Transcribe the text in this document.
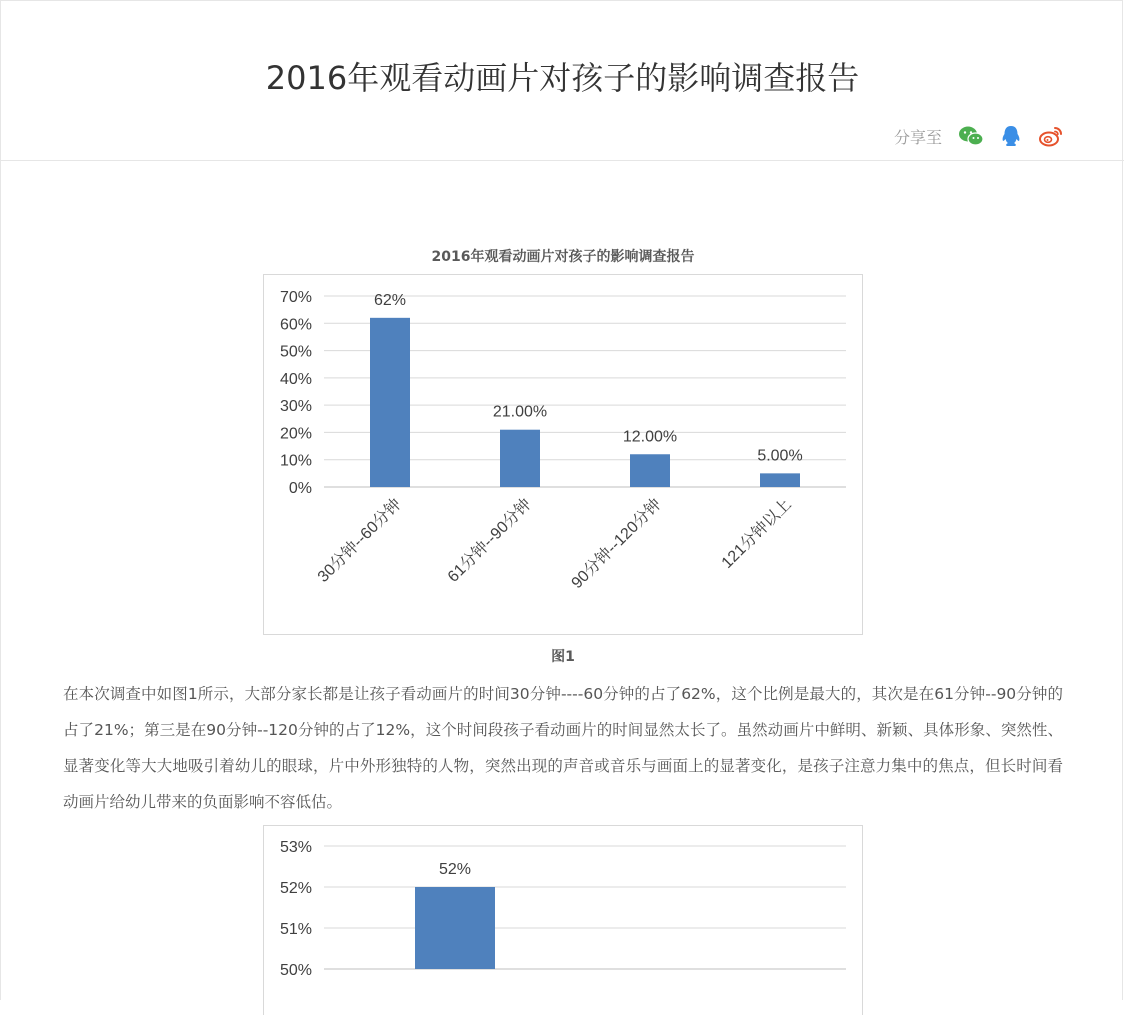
2016年观看动画片对孩子的影响调查报告
分享至
2016年观看动画片对孩子的影响调查报告
0%
10%
20%
30%
40%
50%
60%
70%	62%
30分钟--60分钟
21.00%
61分钟--90分钟
12.00%
90分钟--120分钟
5.00%
121分钟以上
图1
在本次调查中如图1所示，大部分家长都是让孩子看动画片的时间30分钟----60分钟的占了62%，这个比例是最大的，其次是在61分钟--90分钟的占了21%；第三是在90分钟--120分钟的占了12%，这个时间段孩子看动画片的时间显然太长了。虽然动画片中鲜明、新颖、具体形象、突然性、显著变化等大大地吸引着幼儿的眼球，片中外形独特的人物，突然出现的声音或音乐与画面上的显著变化，是孩子注意力集中的焦点，但长时间看动画片给幼儿带来的负面影响不容低估。
50%
51%
52%
53%
52%
